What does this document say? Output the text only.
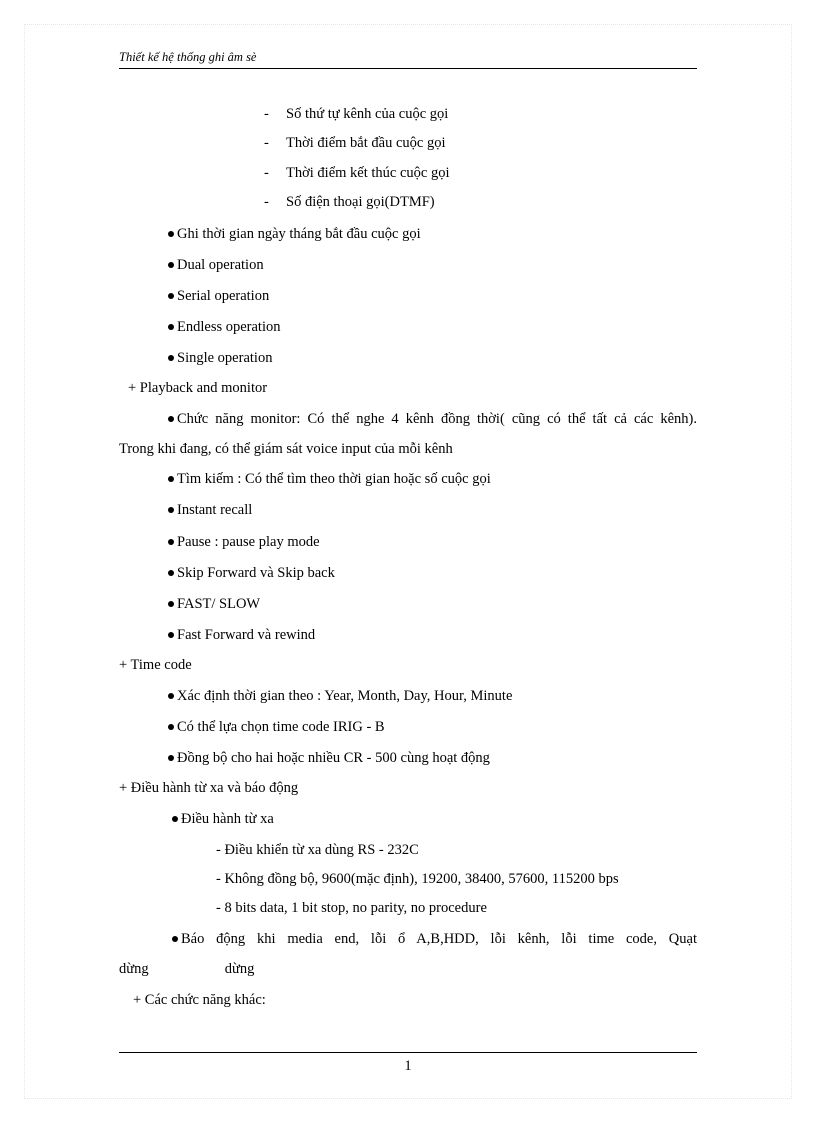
Thiết kế hệ thống ghi âm sè
- Số thứ tự kênh của cuộc gọi
- Thời điểm bắt đầu cuộc gọi
- Thời điểm kết thúc cuộc gọi
- Số điện thoại gọi(DTMF)
Ghi thời gian ngày tháng bắt đầu cuộc gọi
Dual operation
Serial operation
Endless operation
Single operation
+ Playback and monitor
Chức năng monitor: Có thể nghe 4 kênh đồng thời( cũng có thể tất cả các kênh).
Trong khi đang, có thể giám sát voice input của mỗi kênh
Tìm kiếm : Có thể tìm theo thời gian hoặc số cuộc gọi
Instant recall
Pause : pause play mode
Skip Forward và Skip back
FAST/ SLOW
Fast Forward và rewind
+ Time code
Xác định thời gian theo : Year, Month, Day, Hour, Minute
Có thể lựa chọn time code IRIG - B
Đồng bộ cho hai hoặc nhiều CR - 500 cùng hoạt động
+ Điều hành từ xa và báo động
Điều hành từ xa
- Điều khiển từ xa dùng RS - 232C
- Không đồng bộ, 9600(mặc định), 19200, 38400, 57600, 115200 bps
- 8 bits data, 1 bit stop, no parity, no procedure
Báo động khi media end, lỗi ổ A,B,HDD, lỗi kênh, lỗi time code, Quạt
dừng                     dừng
+ Các chức năng khác:
1
